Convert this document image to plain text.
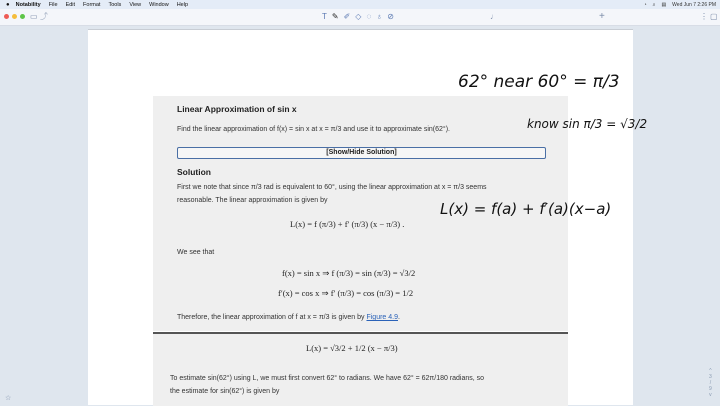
● Notability File Edit Format Tools View Window Help	◔ ⌕ ▤ Wed Jun 7 2:26 PM
▭ ⤴	T ✎ ✐ ◇ ◌ ♁ ⊘	♩	+	⋮ ▢
Linear Approximation of sin x
Find the linear approximation of f(x) = sin x at x = π/3 and use it to approximate sin(62°).
[Show/Hide Solution]
Solution
First we note that since π/3 rad is equivalent to 60°, using the linear approximation at x = π/3 seems
reasonable. The linear approximation is given by
L(x) = f (π/3) + f′ (π/3) (x − π/3) .
We see that
f(x) = sin x ⇒ f (π/3) = sin (π/3) = √3/2
f′(x) = cos x ⇒ f′ (π/3) = cos (π/3) = 1/2
Therefore, the linear approximation of f at x = π/3 is given by Figure 4.9.
L(x) = √3/2 + 1/2 (x − π/3)
To estimate sin(62°) using L, we must first convert 62° to radians. We have 62° = 62π/180 radians, so
the estimate for sin(62°) is given by
62° near 60° = π/3
know sin π/3 = √3/2
L(x) = f(a) + f′(a)(x−a)
^
3
/
9
v
☆
